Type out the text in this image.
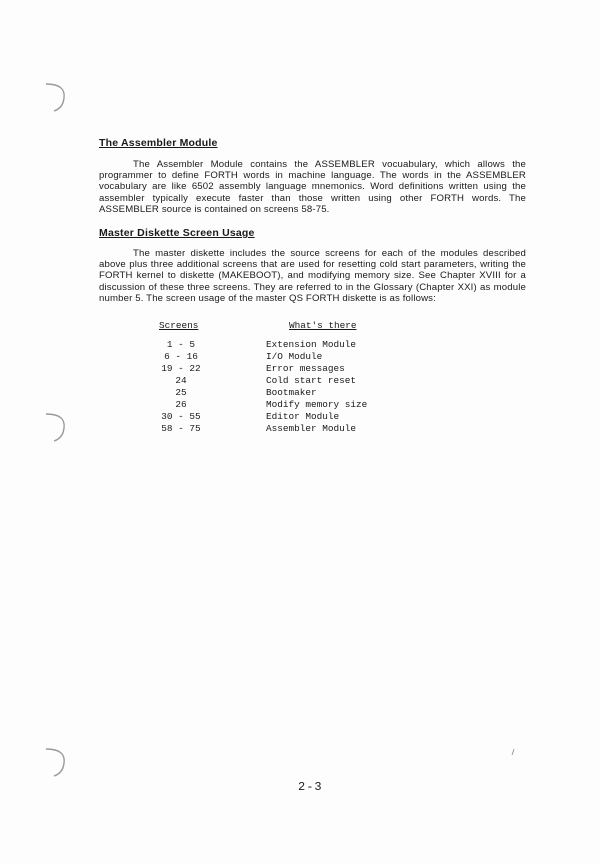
The Assembler Module
The Assembler Module contains the ASSEMBLER vocuabulary, which allows the programmer to define FORTH words in machine language. The words in the ASSEMBLER vocabulary are like 6502 assembly language mnemonics. Word definitions written using the assembler typically execute faster than those written using other FORTH words. The ASSEMBLER source is contained on screens 58-75.
Master Diskette Screen Usage
The master diskette includes the source screens for each of the modules described above plus three additional screens that are used for resetting cold start parameters, writing the FORTH kernel to diskette (MAKEBOOT), and modifying memory size. See Chapter XVIII for a discussion of these three screens. They are referred to in the Glossary (Chapter XXI) as module number 5. The screen usage of the master QS FORTH diskette is as follows:
Screens	What's there
1 - 5	Extension Module
6 - 16	I/O Module
19 - 22	Error messages
24	Cold start reset
25	Bootmaker
26	Modify memory size
30 - 55	Editor Module
58 - 75	Assembler Module
2-3
